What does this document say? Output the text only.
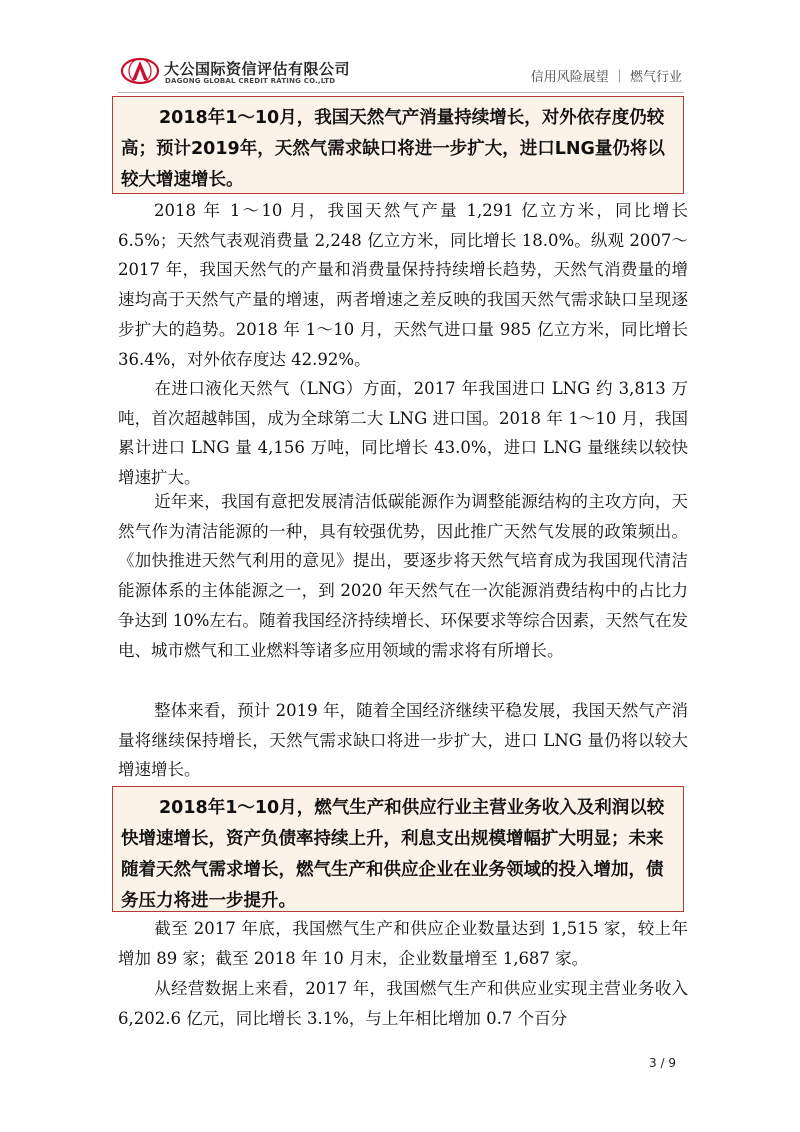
大公国际资信评估有限公司
DAGONG GLOBAL CREDIT RATING CO.,LTD	信用风险展望 ｜ 燃气行业
2018年1～10月，我国天然气产消量持续增长，对外依存度仍较高；预计2019年，天然气需求缺口将进一步扩大，进口LNG量仍将以较大增速增长。

2018 年 1～10 月，我国天然气产量 1,291 亿立方米，同比增长 6.5%；天然气表观消费量 2,248 亿立方米，同比增长 18.0%。纵观 2007～2017 年，我国天然气的产量和消费量保持持续增长趋势，天然气消费量的增速均高于天然气产量的增速，两者增速之差反映的我国天然气需求缺口呈现逐步扩大的趋势。2018 年 1～10 月，天然气进口量 985 亿立方米，同比增长 36.4%，对外依存度达 42.92%。

在进口液化天然气（LNG）方面，2017 年我国进口 LNG 约 3,813 万吨，首次超越韩国，成为全球第二大 LNG 进口国。2018 年 1～10 月，我国累计进口 LNG 量 4,156 万吨，同比增长 43.0%，进口 LNG 量继续以较快增速扩大。

近年来，我国有意把发展清洁低碳能源作为调整能源结构的主攻方向，天然气作为清洁能源的一种，具有较强优势，因此推广天然气发展的政策频出。《加快推进天然气利用的意见》提出，要逐步将天然气培育成为我国现代清洁能源体系的主体能源之一，到 2020 年天然气在一次能源消费结构中的占比力争达到 10%左右。随着我国经济持续增长、环保要求等综合因素，天然气在发电、城市燃气和工业燃料等诸多应用领域的需求将有所增长。

整体来看，预计 2019 年，随着全国经济继续平稳发展，我国天然气产消量将继续保持增长，天然气需求缺口将进一步扩大，进口 LNG 量仍将以较大增速增长。

2018年1～10月，燃气生产和供应行业主营业务收入及利润以较快增速增长，资产负债率持续上升，利息支出规模增幅扩大明显；未来随着天然气需求增长，燃气生产和供应企业在业务领域的投入增加，债务压力将进一步提升。

截至 2017 年底，我国燃气生产和供应企业数量达到 1,515 家，较上年增加 89 家；截至 2018 年 10 月末，企业数量增至 1,687 家。

从经营数据上来看，2017 年，我国燃气生产和供应业实现主营业务收入 6,202.6 亿元，同比增长 3.1%，与上年相比增加 0.7 个百分

3 / 9
